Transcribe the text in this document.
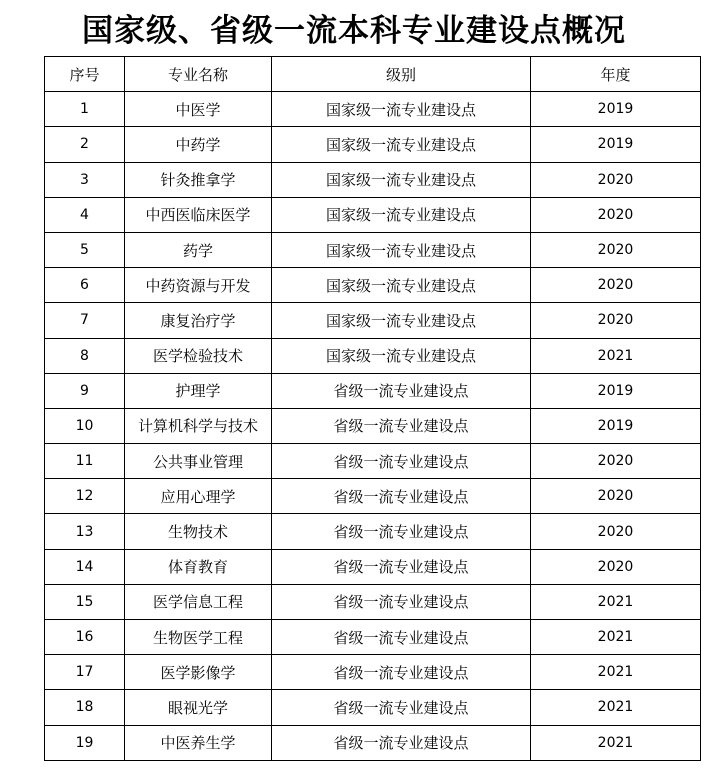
国家级、省级一流本科专业建设点概况
序号	专业名称	级别	年度
1	中医学	国家级一流专业建设点	2019
2	中药学	国家级一流专业建设点	2019
3	针灸推拿学	国家级一流专业建设点	2020
4	中西医临床医学	国家级一流专业建设点	2020
5	药学	国家级一流专业建设点	2020
6	中药资源与开发	国家级一流专业建设点	2020
7	康复治疗学	国家级一流专业建设点	2020
8	医学检验技术	国家级一流专业建设点	2021
9	护理学	省级一流专业建设点	2019
10	计算机科学与技术	省级一流专业建设点	2019
11	公共事业管理	省级一流专业建设点	2020
12	应用心理学	省级一流专业建设点	2020
13	生物技术	省级一流专业建设点	2020
14	体育教育	省级一流专业建设点	2020
15	医学信息工程	省级一流专业建设点	2021
16	生物医学工程	省级一流专业建设点	2021
17	医学影像学	省级一流专业建设点	2021
18	眼视光学	省级一流专业建设点	2021
19	中医养生学	省级一流专业建设点	2021
